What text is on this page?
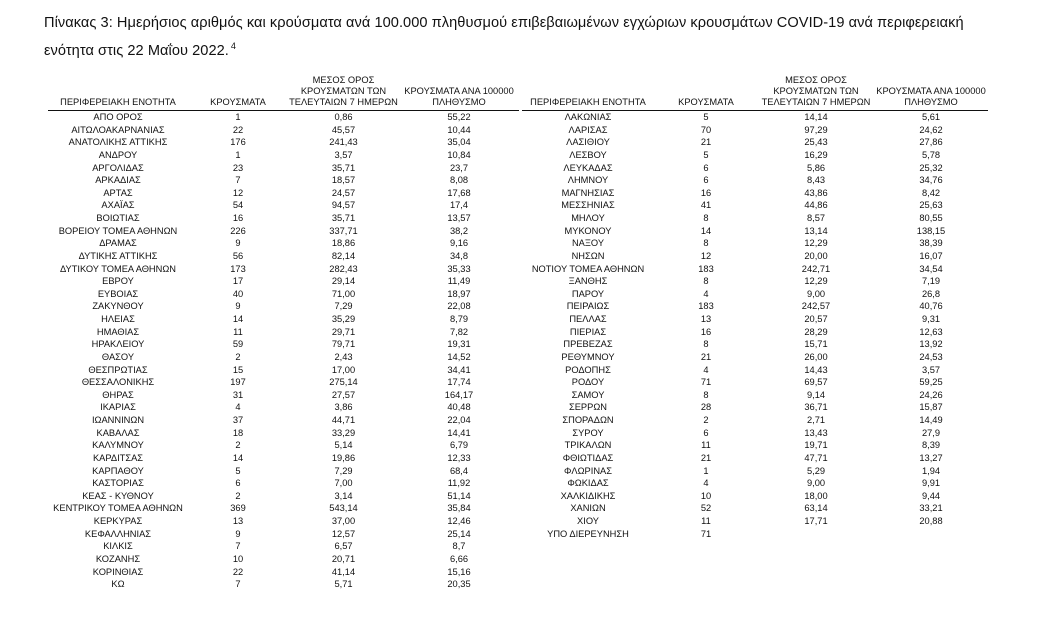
Πίνακας 3: Ημερήσιος αριθμός και κρούσματα ανά 100.000 πληθυσμού επιβεβαιωμένων εγχώριων κρουσμάτων COVID-19 ανά περιφερειακή ενότητα στις 22 Μαΐου 2022. $^4$
ΠΕΡΙΦΕΡΕΙΑΚΗ ΕΝΟΤΗΤΑ	ΚΡΟΥΣΜΑΤΑ	ΜΕΣΟΣ ΟΡΟΣ ΚΡΟΥΣΜΑΤΩΝ ΤΩΝ ΤΕΛΕΥΤΑΙΩΝ 7 ΗΜΕΡΩΝ	ΚΡΟΥΣΜΑΤΑ ΑΝΑ 100000 ΠΛΗΘΥΣΜΟ
ΑΠΟ ΟΡΟΣ	1	0,86	55,22
ΑΙΤΩΛΟΑΚΑΡΝΑΝΙΑΣ	22	45,57	10,44
ΑΝΑΤΟΛΙΚΗΣ ΑΤΤΙΚΗΣ	176	241,43	35,04
ΑΝΔΡΟΥ	1	3,57	10,84
ΑΡΓΟΛΙΔΑΣ	23	35,71	23,7
ΑΡΚΑΔΙΑΣ	7	18,57	8,08
ΑΡΤΑΣ	12	24,57	17,68
ΑΧΑΪΑΣ	54	94,57	17,4
ΒΟΙΩΤΙΑΣ	16	35,71	13,57
ΒΟΡΕΙΟΥ ΤΟΜΕΑ ΑΘΗΝΩΝ	226	337,71	38,2
ΔΡΑΜΑΣ	9	18,86	9,16
ΔΥΤΙΚΗΣ ΑΤΤΙΚΗΣ	56	82,14	34,8
ΔΥΤΙΚΟΥ ΤΟΜΕΑ ΑΘΗΝΩΝ	173	282,43	35,33
ΕΒΡΟΥ	17	29,14	11,49
ΕΥΒΟΙΑΣ	40	71,00	18,97
ΖΑΚΥΝΘΟΥ	9	7,29	22,08
ΗΛΕΙΑΣ	14	35,29	8,79
ΗΜΑΘΙΑΣ	11	29,71	7,82
ΗΡΑΚΛΕΙΟΥ	59	79,71	19,31
ΘΑΣΟΥ	2	2,43	14,52
ΘΕΣΠΡΩΤΙΑΣ	15	17,00	34,41
ΘΕΣΣΑΛΟΝΙΚΗΣ	197	275,14	17,74
ΘΗΡΑΣ	31	27,57	164,17
ΙΚΑΡΙΑΣ	4	3,86	40,48
ΙΩΑΝΝΙΝΩΝ	37	44,71	22,04
ΚΑΒΑΛΑΣ	18	33,29	14,41
ΚΑΛΥΜΝΟΥ	2	5,14	6,79
ΚΑΡΔΙΤΣΑΣ	14	19,86	12,33
ΚΑΡΠΑΘΟΥ	5	7,29	68,4
ΚΑΣΤΟΡΙΑΣ	6	7,00	11,92
ΚΕΑΣ - ΚΥΘΝΟΥ	2	3,14	51,14
ΚΕΝΤΡΙΚΟΥ ΤΟΜΕΑ ΑΘΗΝΩΝ	369	543,14	35,84
ΚΕΡΚΥΡΑΣ	13	37,00	12,46
ΚΕΦΑΛΛΗΝΙΑΣ	9	12,57	25,14
ΚΙΛΚΙΣ	7	6,57	8,7
ΚΟΖΑΝΗΣ	10	20,71	6,66
ΚΟΡΙΝΘΙΑΣ	22	41,14	15,16
ΚΩ	7	5,71	20,35
ΠΕΡΙΦΕΡΕΙΑΚΗ ΕΝΟΤΗΤΑ	ΚΡΟΥΣΜΑΤΑ	ΜΕΣΟΣ ΟΡΟΣ ΚΡΟΥΣΜΑΤΩΝ ΤΩΝ ΤΕΛΕΥΤΑΙΩΝ 7 ΗΜΕΡΩΝ	ΚΡΟΥΣΜΑΤΑ ΑΝΑ 100000 ΠΛΗΘΥΣΜΟ
ΛΑΚΩΝΙΑΣ	5	14,14	5,61
ΛΑΡΙΣΑΣ	70	97,29	24,62
ΛΑΣΙΘΙΟΥ	21	25,43	27,86
ΛΕΣΒΟΥ	5	16,29	5,78
ΛΕΥΚΑΔΑΣ	6	5,86	25,32
ΛΗΜΝΟΥ	6	8,43	34,76
ΜΑΓΝΗΣΙΑΣ	16	43,86	8,42
ΜΕΣΣΗΝΙΑΣ	41	44,86	25,63
ΜΗΛΟΥ	8	8,57	80,55
ΜΥΚΟΝΟΥ	14	13,14	138,15
ΝΑΞΟΥ	8	12,29	38,39
ΝΗΣΩΝ	12	20,00	16,07
ΝΟΤΙΟΥ ΤΟΜΕΑ ΑΘΗΝΩΝ	183	242,71	34,54
ΞΑΝΘΗΣ	8	12,29	7,19
ΠΑΡΟΥ	4	9,00	26,8
ΠΕΙΡΑΙΩΣ	183	242,57	40,76
ΠΕΛΛΑΣ	13	20,57	9,31
ΠΙΕΡΙΑΣ	16	28,29	12,63
ΠΡΕΒΕΖΑΣ	8	15,71	13,92
ΡΕΘΥΜΝΟΥ	21	26,00	24,53
ΡΟΔΟΠΗΣ	4	14,43	3,57
ΡΟΔΟΥ	71	69,57	59,25
ΣΑΜΟΥ	8	9,14	24,26
ΣΕΡΡΩΝ	28	36,71	15,87
ΣΠΟΡΑΔΩΝ	2	2,71	14,49
ΣΥΡΟΥ	6	13,43	27,9
ΤΡΙΚΑΛΩΝ	11	19,71	8,39
ΦΘΙΩΤΙΔΑΣ	21	47,71	13,27
ΦΛΩΡΙΝΑΣ	1	5,29	1,94
ΦΩΚΙΔΑΣ	4	9,00	9,91
ΧΑΛΚΙΔΙΚΗΣ	10	18,00	9,44
ΧΑΝΙΩΝ	52	63,14	33,21
ΧΙΟΥ	11	17,71	20,88
ΥΠΟ ΔΙΕΡΕΥΝΗΣΗ	71		
